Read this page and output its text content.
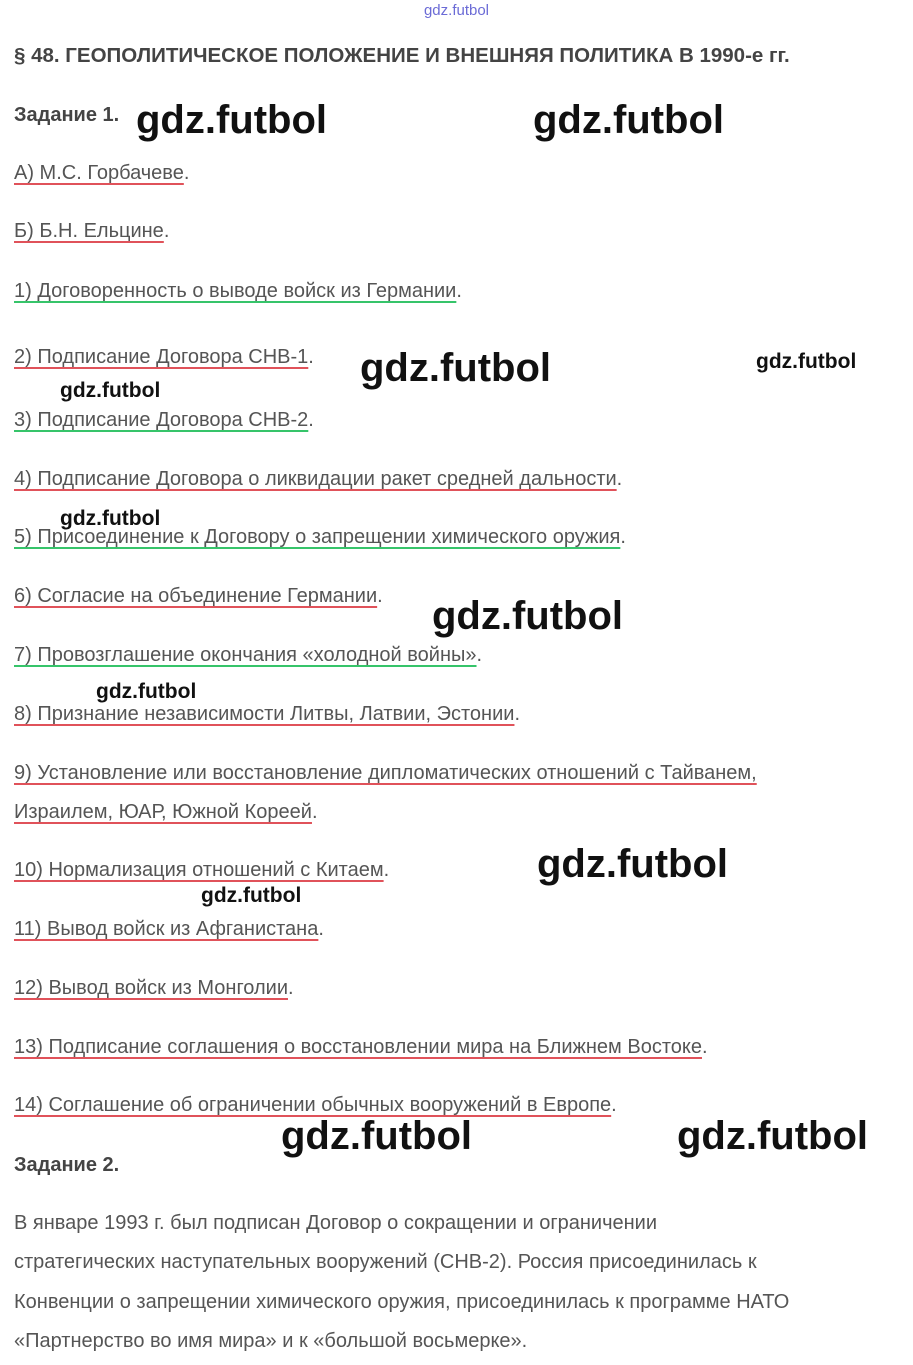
gdz.futbol
§ 48. ГЕОПОЛИТИЧЕСКОЕ ПОЛОЖЕНИЕ И ВНЕШНЯЯ ПОЛИТИКА В 1990-е гг.
Задание 1.
А) М.С. Горбачеве.
Б) Б.Н. Ельцине.
1) Договоренность о выводе войск из Германии.
2) Подписание Договора СНВ-1.
3) Подписание Договора СНВ-2.
4) Подписание Договора о ликвидации ракет средней дальности.
5) Присоединение к Договору о запрещении химического оружия.
6) Согласие на объединение Германии.
7) Провозглашение окончания «холодной войны».
8) Признание независимости Литвы, Латвии, Эстонии.
9) Установление или восстановление дипломатических отношений с Тайванем,
Израилем, ЮАР, Южной Кореей.
10) Нормализация отношений с Китаем.
11) Вывод войск из Афганистана.
12) Вывод войск из Монголии.
13) Подписание соглашения о восстановлении мира на Ближнем Востоке.
14) Соглашение об ограничении обычных вооружений в Европе.
Задание 2.
В январе 1993 г. был подписан Договор о сокращении и ограничении
стратегических наступательных вооружений (СНВ-2). Россия присоединилась к
Конвенции о запрещении химического оружия, присоединилась к программе НАТО
«Партнерство во имя мира» и к «большой восьмерке».
gdz.futbol	gdz.futbol
gdz.futbol	gdz.futbol
gdz.futbol
gdz.futbol
gdz.futbol
gdz.futbol
gdz.futbol
gdz.futbol
gdz.futbol	gdz.futbol
